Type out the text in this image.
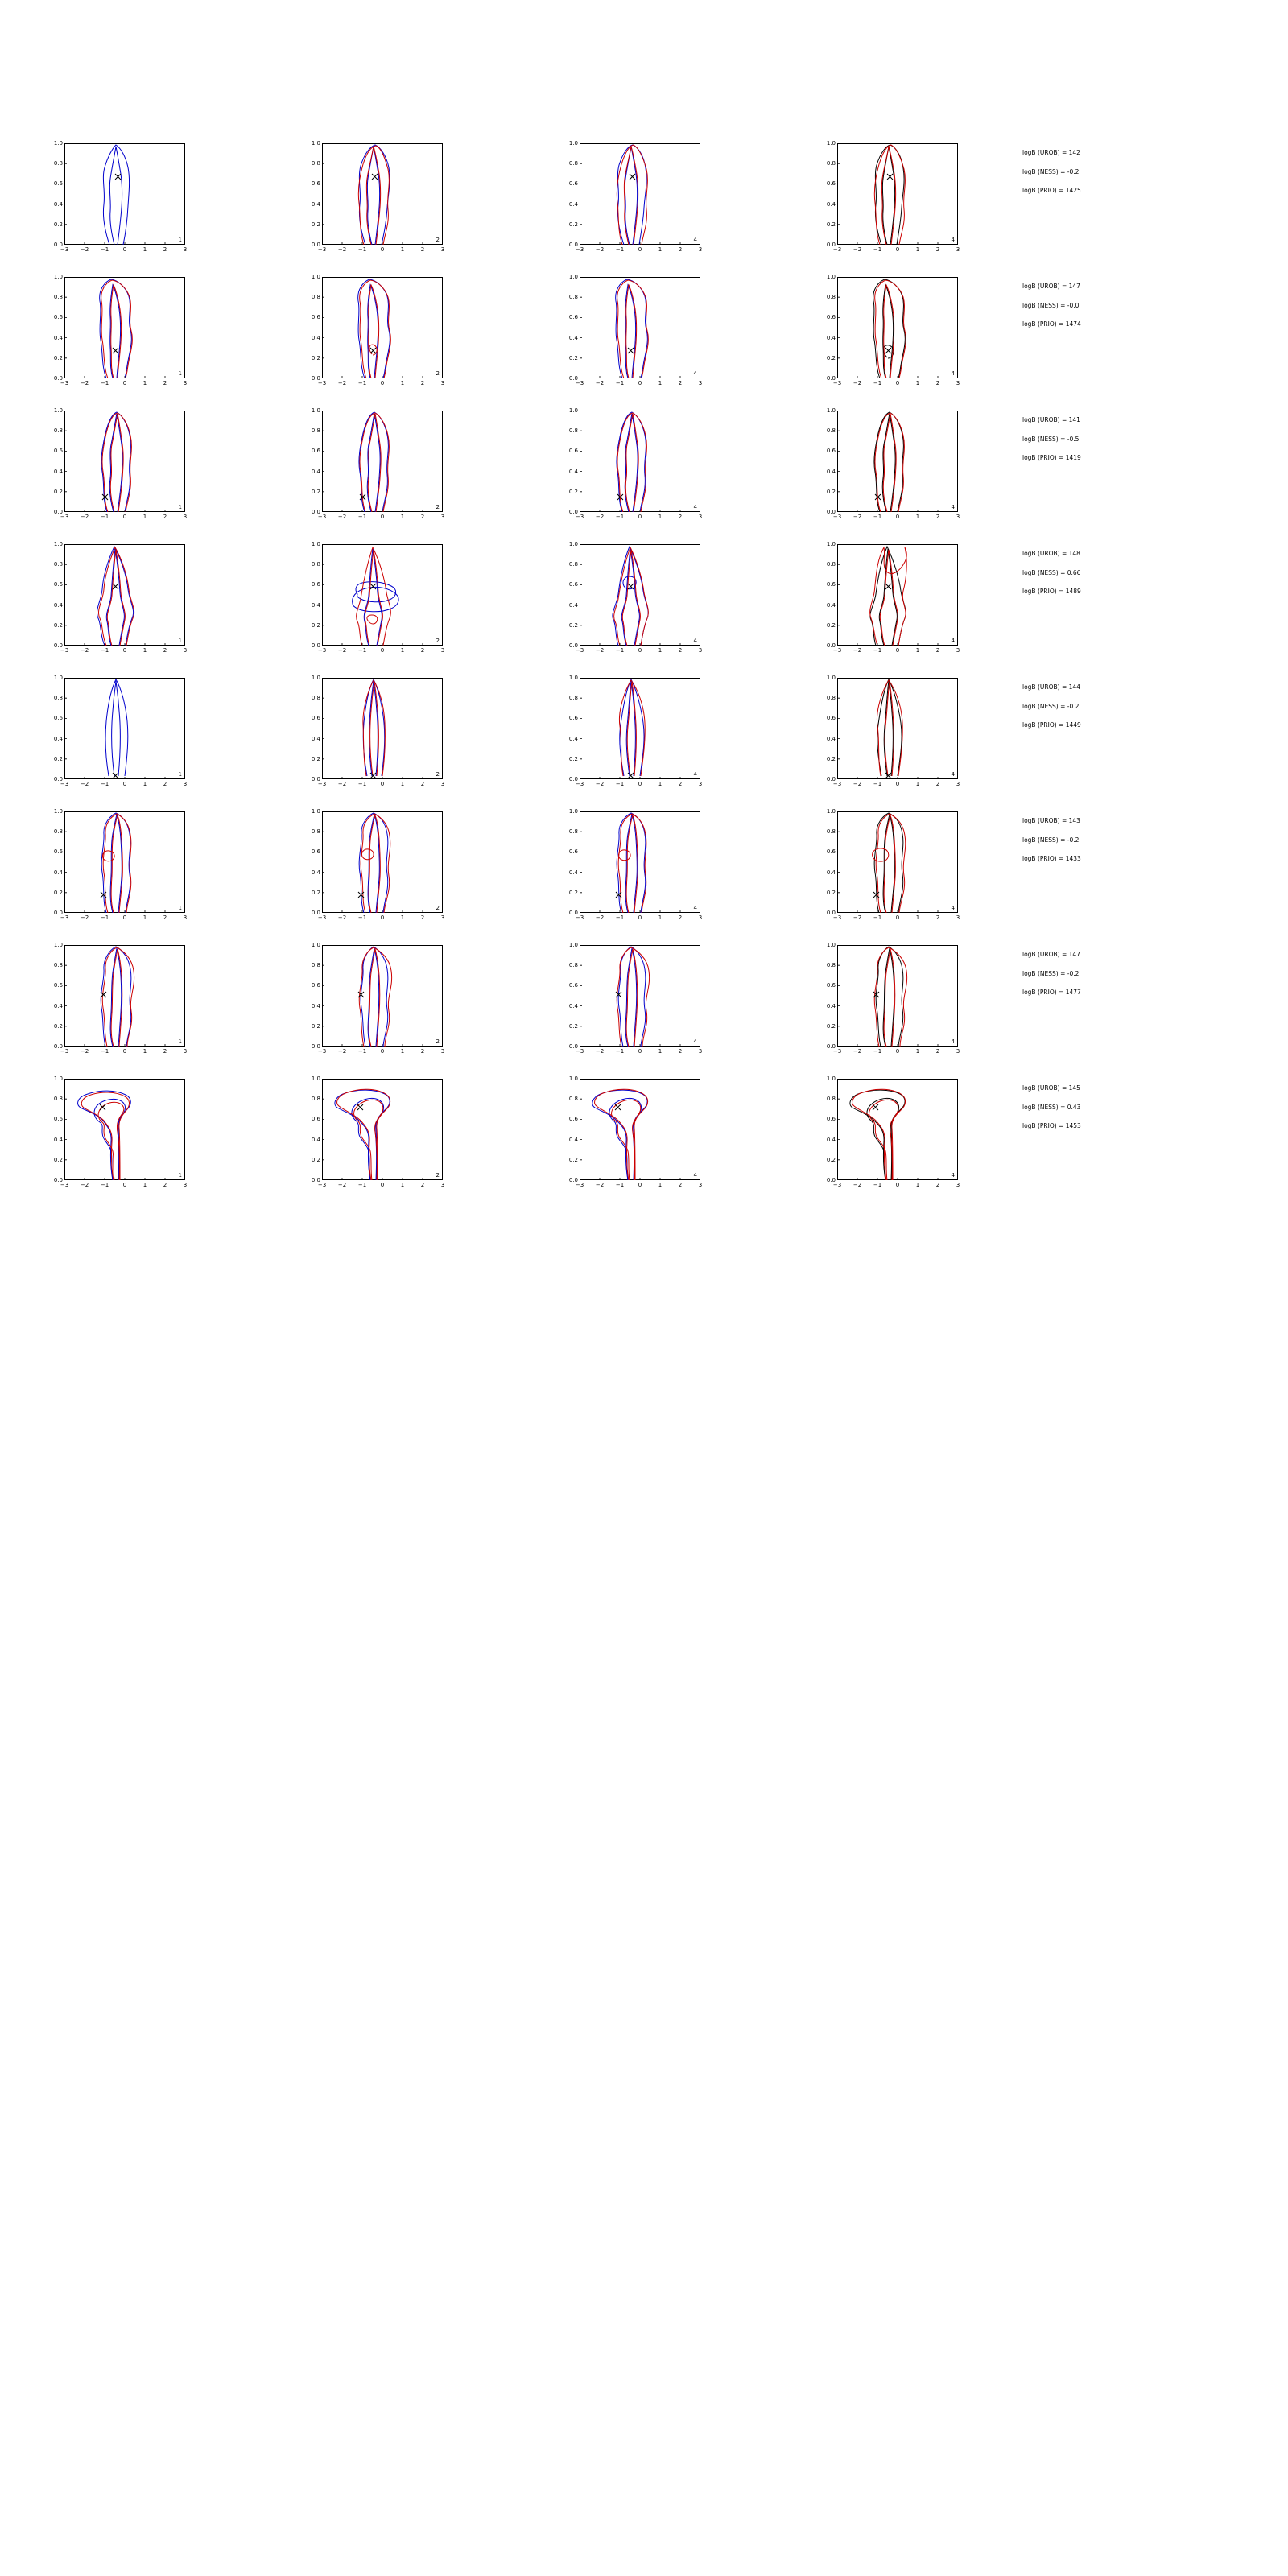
0.0
0.2
0.4
0.6
0.8
1.0
1
−3 −2 −1	0	1	2	3
2
0.0
0.2
0.4
0.6
0.8
1.0
−3 −2 −1	0	1	2	3
4
0.0
0.2
0.4
0.6
0.8
1.0
−3 −2 −1	0	1	2	3
4
0.0
0.2
0.4
0.6
0.8
1.0
−3 −2 −1	0	1	2	3
logB (UROB) = 142
logB (NESS) = -0.2
logB (PRIO) = 1425
0.0
0.2
0.4
0.6
0.8
1.0
1
−3 −2 −1	0	1	2	3
2
0.0
0.2
0.4
0.6
0.8
1.0
−3 −2 −1	0	1	2	3
4
0.0
0.2
0.4
0.6
0.8
1.0
−3 −2 −1	0	1	2	3
4
0.0
0.2
0.4
0.6
0.8
1.0
−3 −2 −1	0	1	2	3
logB (UROB) = 147
logB (NESS) = -0.0
logB (PRIO) = 1474
0.0
0.2
0.4
0.6
0.8
1.0
1
−3 −2 −1	0	1	2	3
2
0.0
0.2
0.4
0.6
0.8
1.0
−3 −2 −1	0	1	2	3
4
0.0
0.2
0.4
0.6
0.8
1.0
−3 −2 −1	0	1	2	3
4
0.0
0.2
0.4
0.6
0.8
1.0
−3 −2 −1	0	1	2	3
logB (UROB) = 141
logB (NESS) = -0.5
logB (PRIO) = 1419
0.0
0.2
0.4
0.6
0.8
1.0
1
−3 −2 −1	0	1	2	3
2
0.0
0.2
0.4
0.6
0.8
1.0
−3 −2 −1	0	1	2	3
4
0.0
0.2
0.4
0.6
0.8
1.0
−3 −2 −1	0	1	2	3
4
0.0
0.2
0.4
0.6
0.8
1.0
−3 −2 −1	0	1	2	3
logB (UROB) = 148
logB (NESS) = 0.66
logB (PRIO) = 1489
0.0
0.2
0.4
0.6
0.8
1.0
1
−3 −2 −1	0	1	2	3
2
0.0
0.2
0.4
0.6
0.8
1.0
−3 −2 −1	0	1	2	3
4
0.0
0.2
0.4
0.6
0.8
1.0
−3 −2 −1	0	1	2	3
4
0.0
0.2
0.4
0.6
0.8
1.0
−3 −2 −1	0	1	2	3
logB (UROB) = 144
logB (NESS) = -0.2
logB (PRIO) = 1449
0.0
0.2
0.4
0.6
0.8
1.0
1
−3 −2 −1	0	1	2	3
2
0.0
0.2
0.4
0.6
0.8
1.0
−3 −2 −1	0	1	2	3
4
0.0
0.2
0.4
0.6
0.8
1.0
−3 −2 −1	0	1	2	3
4
0.0
0.2
0.4
0.6
0.8
1.0
−3 −2 −1	0	1	2	3
logB (UROB) = 143
logB (NESS) = -0.2
logB (PRIO) = 1433
0.0
0.2
0.4
0.6
0.8
1.0
1
−3 −2 −1	0	1	2	3
2
0.0
0.2
0.4
0.6
0.8
1.0
−3 −2 −1	0	1	2	3
4
0.0
0.2
0.4
0.6
0.8
1.0
−3 −2 −1	0	1	2	3
4
0.0
0.2
0.4
0.6
0.8
1.0
−3 −2 −1	0	1	2	3
logB (UROB) = 147
logB (NESS) = -0.2
logB (PRIO) = 1477
0.0
0.2
0.4
0.6
0.8
1.0
1
−3 −2 −1	0	1	2	3
2
0.0
0.2
0.4
0.6
0.8
1.0
−3 −2 −1	0	1	2	3
4
0.0
0.2
0.4
0.6
0.8
1.0
−3 −2 −1	0	1	2	3
4
0.0
0.2
0.4
0.6
0.8
1.0
−3 −2 −1	0	1	2	3
logB (UROB) = 145
logB (NESS) = 0.43
logB (PRIO) = 1453
